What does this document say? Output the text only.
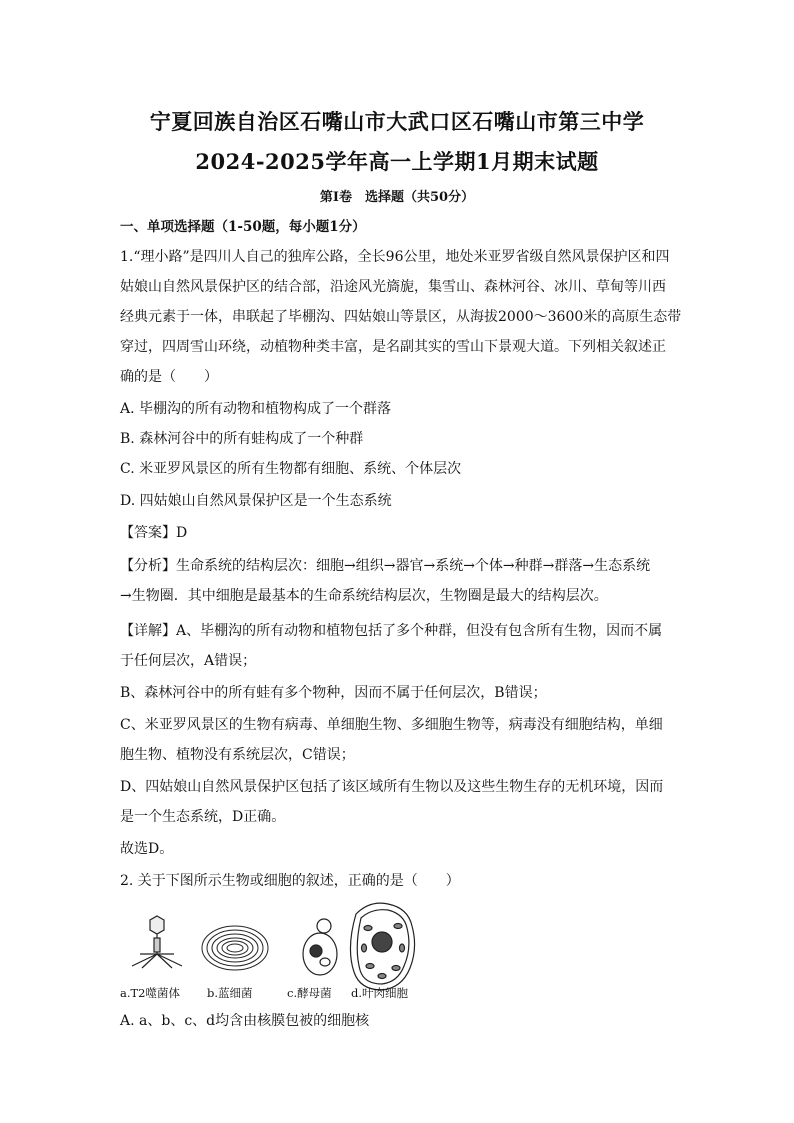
宁夏回族自治区石嘴山市大武口区石嘴山市第三中学
2024-2025学年高一上学期1月期末试题
第Ⅰ卷　选择题（共50分）
一、单项选择题（1-50题，每小题1分）
1.“理小路”是四川人自己的独库公路，全长96公里，地处米亚罗省级自然风景保护区和四
姑娘山自然风景保护区的结合部，沿途风光旖旎，集雪山、森林河谷、冰川、草甸等川西
经典元素于一体，串联起了毕棚沟、四姑娘山等景区，从海拔2000～3600米的高原生态带
穿过，四周雪山环绕，动植物种类丰富，是名副其实的雪山下景观大道。下列相关叙述正
确的是（　　）
A. 毕棚沟的所有动物和植物构成了一个群落
B. 森林河谷中的所有蛙构成了一个种群
C. 米亚罗风景区的所有生物都有细胞、系统、个体层次
D. 四姑娘山自然风景保护区是一个生态系统
【答案】D
【分析】生命系统的结构层次：细胞→组织→器官→系统→个体→种群→群落→生态系统
→生物圈．其中细胞是最基本的生命系统结构层次，生物圈是最大的结构层次。
【详解】A、毕棚沟的所有动物和植物包括了多个种群，但没有包含所有生物，因而不属
于任何层次，A错误；
B、森林河谷中的所有蛙有多个物种，因而不属于任何层次，B错误；
C、米亚罗风景区的生物有病毒、单细胞生物、多细胞生物等，病毒没有细胞结构，单细
胞生物、植物没有系统层次，C错误；
D、四姑娘山自然风景保护区包括了该区域所有生物以及这些生物生存的无机环境，因而
是一个生态系统，D正确。
故选D。
2. 关于下图所示生物或细胞的叙述，正确的是（　　）
a.T2噬菌体 b.蓝细菌	c.酵母菌 d.叶肉细胞
A. a、b、c、d均含由核膜包被的细胞核
